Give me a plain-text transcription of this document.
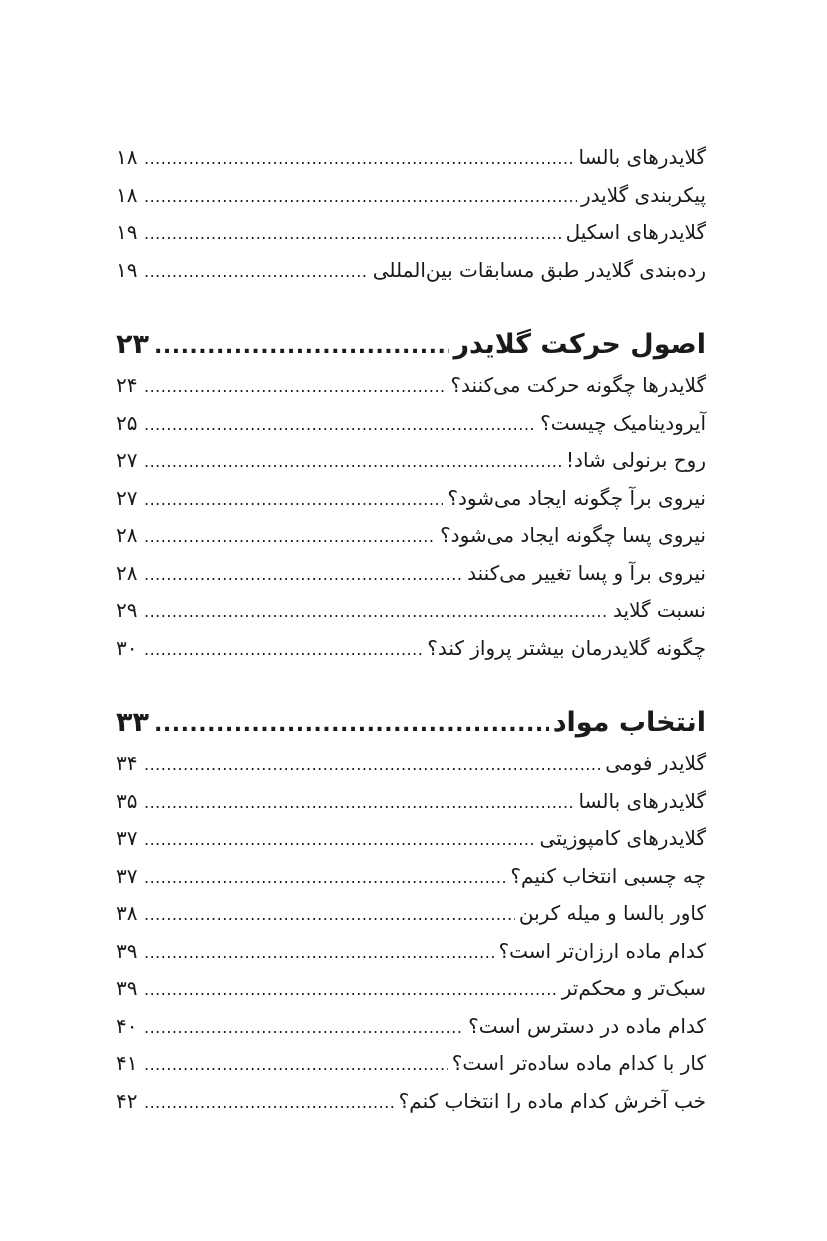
گلایدرهای بالسا
.....
۱۸
پیکربندی گلایدر
.....
۱۸
گلایدرهای اسکیل
.....
۱۹
رده‌بندی گلایدر طبق مسابقات بین‌المللی
.....
۱۹
اصول حرکت گلایدر
.....
۲۳
گلایدرها چگونه حرکت می‌کنند؟
.....
۲۴
آیرودینامیک چیست؟
.....
۲۵
روح برنولی شاد!
.....
۲۷
نیروی برآ چگونه ایجاد می‌شود؟
.....
۲۷
نیروی پسا چگونه ایجاد می‌شود؟
.....
۲۸
نیروی برآ و پسا تغییر می‌کنند
.....
۲۸
نسبت گلاید
.....
۲۹
چگونه گلایدرمان بیشتر پرواز کند؟
.....
۳۰
انتخاب مواد
.....
۳۳
گلایدر فومی
.....
۳۴
گلایدرهای بالسا
.....
۳۵
گلایدرهای کامپوزیتی
.....
۳۷
چه چسبی انتخاب کنیم؟
.....
۳۷
کاور بالسا و میله کربن
.....
۳۸
کدام ماده ارزان‌تر است؟
.....
۳۹
سبک‌تر و محکم‌تر
.....
۳۹
کدام ماده در دسترس است؟
.....
۴۰
کار با کدام ماده ساده‌تر است؟
.....
۴۱
خب آخرش کدام ماده را انتخاب کنم؟
.....
۴۲
